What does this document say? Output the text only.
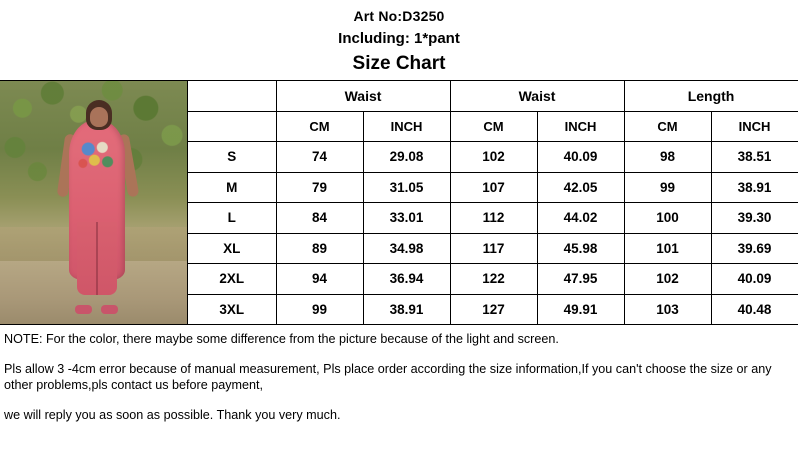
Art No:D3250
Including: 1*pant
Size Chart
	Waist		Waist		Length	
	CM	INCH	CM	INCH	CM	INCH
S	74	29.08	102	40.09	98	38.51
M	79	31.05	107	42.05	99	38.91
L	84	33.01	112	44.02	100	39.30
XL	89	34.98	117	45.98	101	39.69
2XL	94	36.94	122	47.95	102	40.09
3XL	99	38.91	127	49.91	103	40.48

NOTE: For the color, there maybe some difference from the picture because of the light and screen.

Pls allow 3 -4cm error because of manual measurement, Pls place order according the size information,If you can't choose the size or any other problems,pls contact us before payment,

we will reply you as soon as possible. Thank you very much.
